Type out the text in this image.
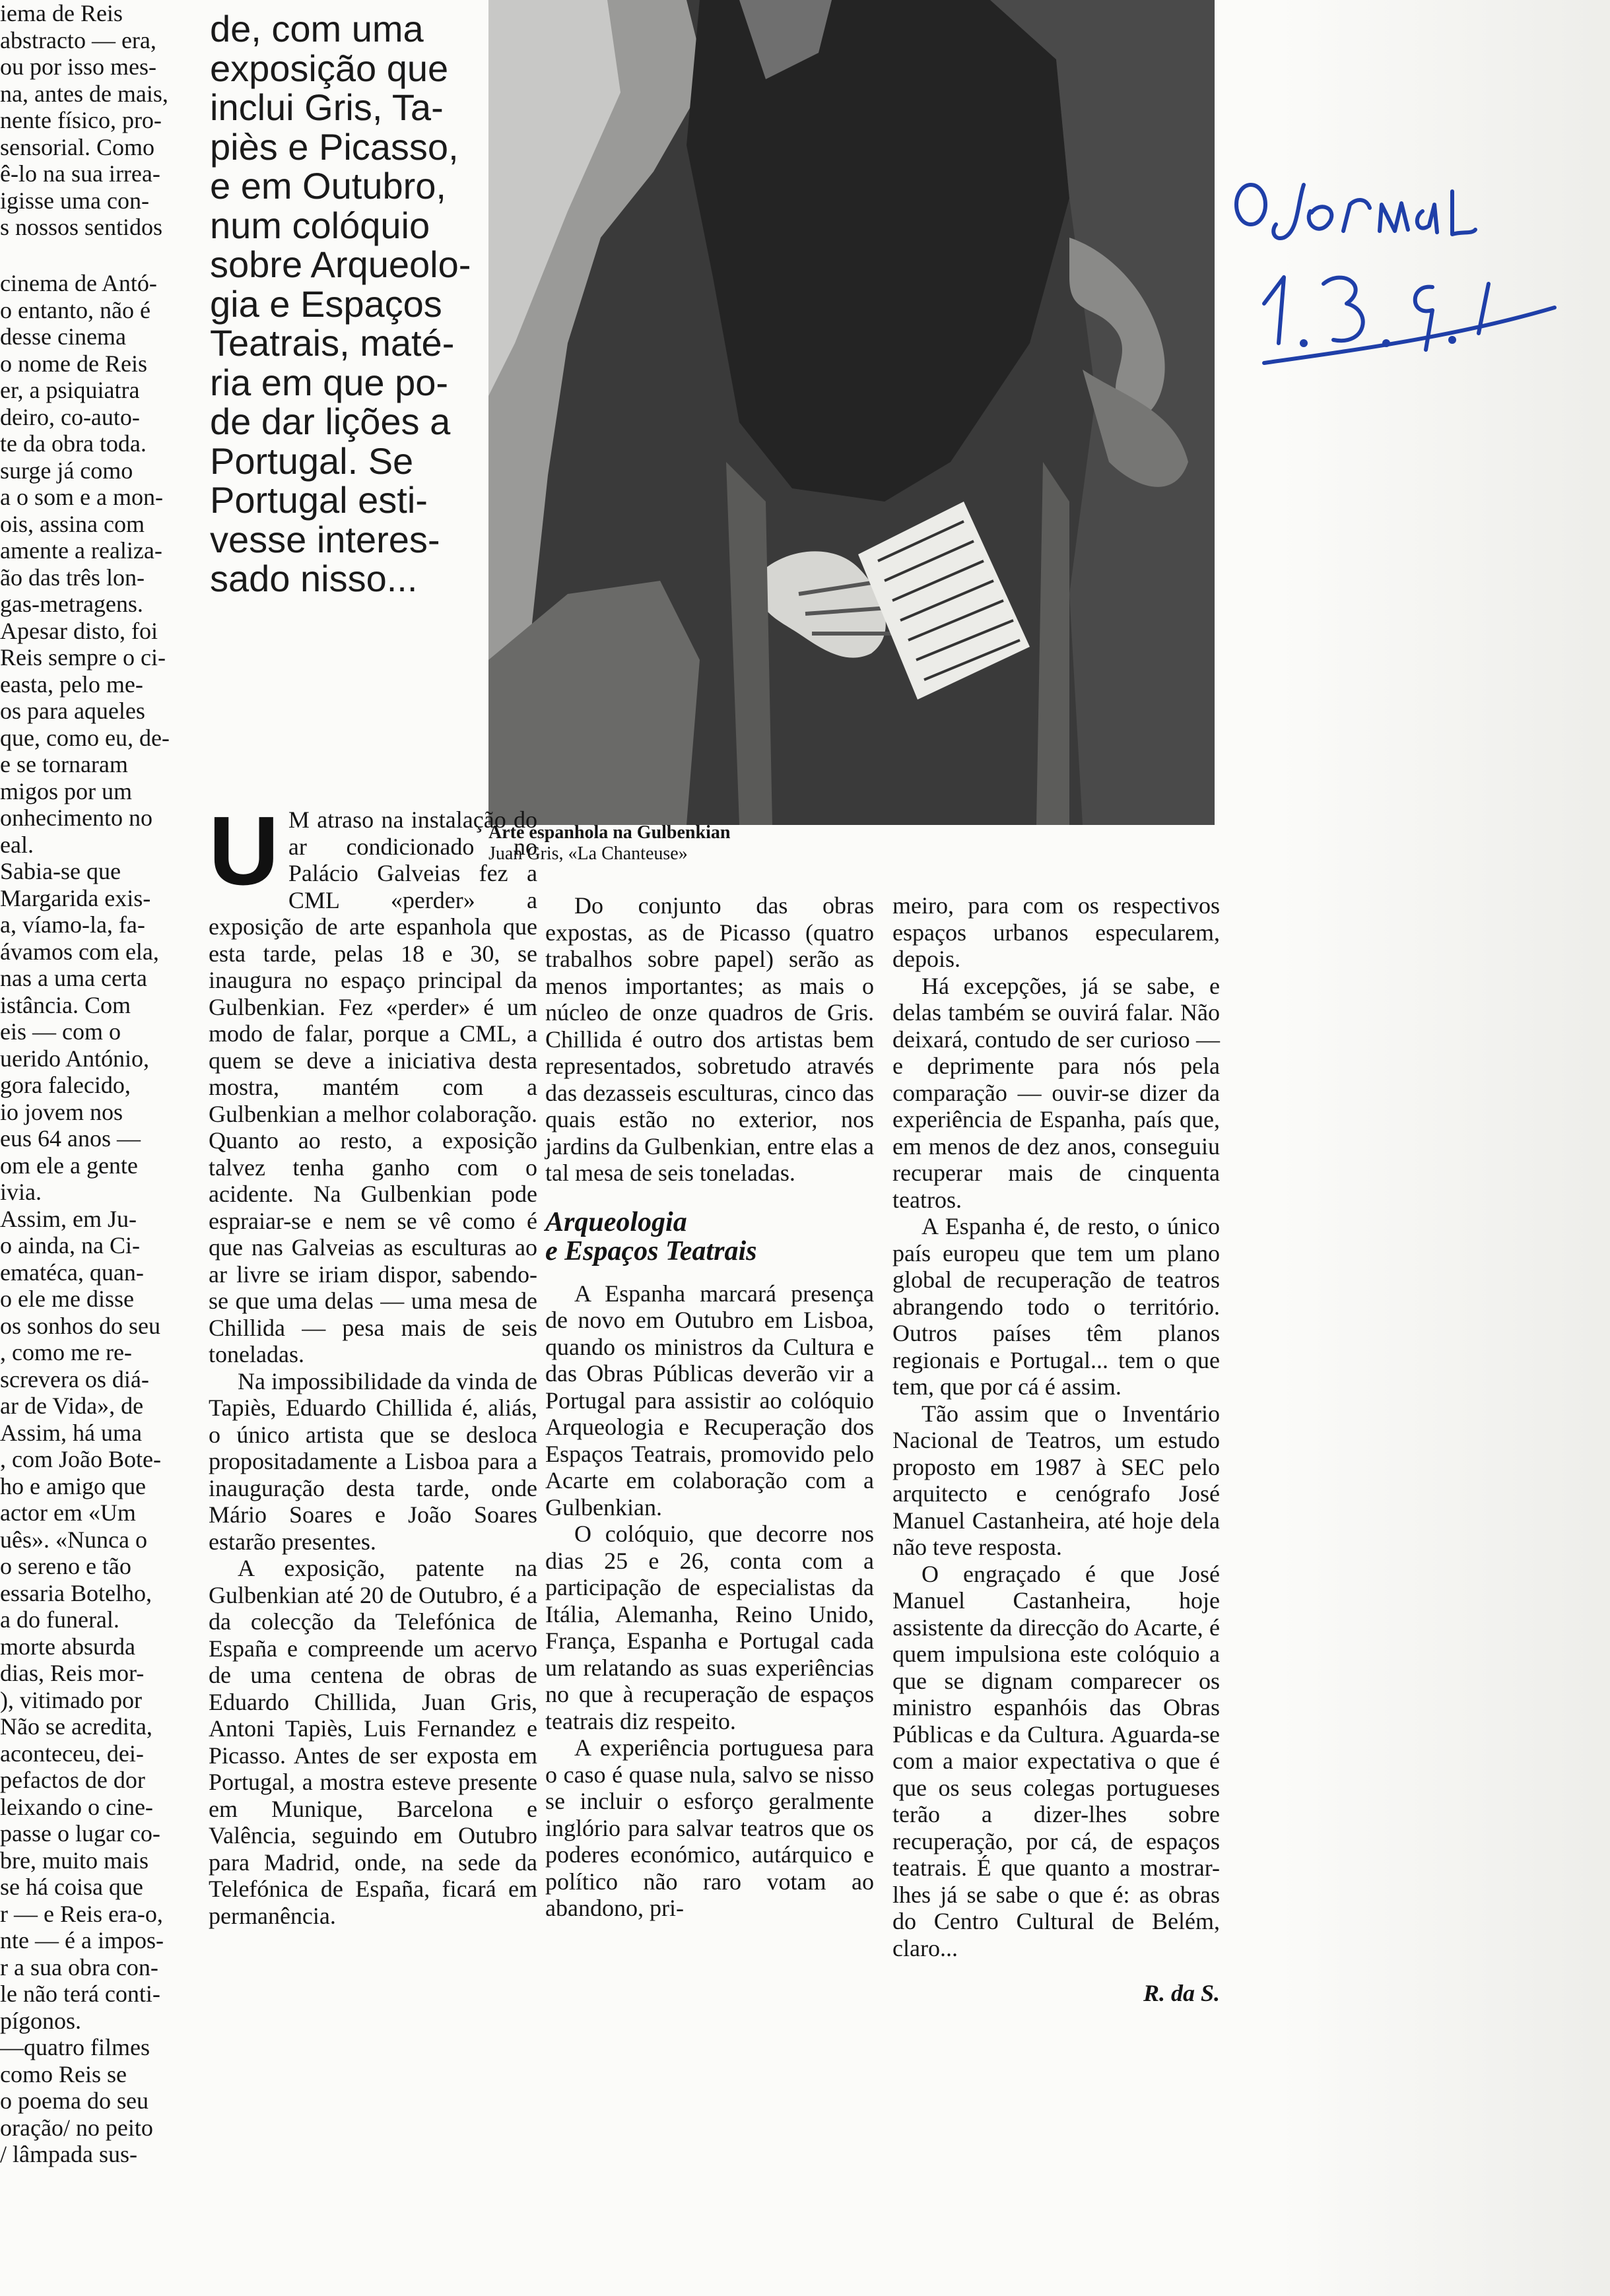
iema de Reis

abstracto — era,

ou por isso mes-

na, antes de mais,

nente físico, pro-

sensorial. Como

ê-lo na sua irrea-

igisse uma con-

s nossos sentidos

cinema de Antó-

o entanto, não é

desse cinema

o nome de Reis

er, a psiquiatra

deiro, co-auto-

te da obra toda.

surge já como

a o som e a mon-

ois, assina com

amente a realiza-

ão das três lon-

gas-metragens.

Apesar disto, foi

Reis sempre o ci-

easta, pelo me-

os para aqueles

que, como eu, de-

e se tornaram

migos por um

onhecimento no

eal.

Sabia-se que

Margarida exis-

a, víamo-la, fa-

ávamos com ela,

nas a uma certa

istância. Com

eis — com o

uerido António,

gora falecido,

io jovem nos

eus 64 anos —

om ele a gente

ivia.

Assim, em Ju-

o ainda, na Ci-

ematéca, quan-

o ele me disse

os sonhos do seu

, como me re-

screvera os diá-

ar de Vida», de

Assim, há uma

, com João Bote-

ho e amigo que

actor em «Um

uês». «Nunca o

o sereno e tão

essaria Botelho,

a do funeral.

morte absurda

dias, Reis mor-

), vitimado por

Não se acredita,

aconteceu, dei-

pefactos de dor

leixando o cine-

passe o lugar co-

bre, muito mais

se há coisa que

r — e Reis era-o,

nte — é a impos-

r a sua obra con-

le não terá conti-

pígonos.

—quatro filmes

como Reis se

o poema do seu

oração/ no peito

/ lâmpada sus-

de, com uma

exposição que

inclui Gris, Ta-

piès e Picasso,

e em Outubro,

num colóquio

sobre Arqueolo-

gia e Espaços

Teatrais, maté-

ria em que po-

de dar lições a

Portugal. Se

Portugal esti-

vesse interes-

sado nisso...

Arte espanhola na Gulbenkian
Juan Gris, «La Chanteuse»
U M atraso na instalação do ar condicionado no Palácio Galveias fez a CML «perder» a exposição de arte espanhola que esta tarde, pelas 18 e 30, se inaugura no espaço principal da Gulbenkian. Fez «perder» é um modo de falar, porque a CML, a quem se deve a iniciativa desta mostra, mantém com a Gulbenkian a melhor colaboração. Quanto ao resto, a exposição talvez tenha ganho com o acidente. Na Gulbenkian pode espraiar-se e nem se vê como é que nas Galveias as esculturas ao ar livre se iriam dispor, sabendo-se que uma delas — uma mesa de Chillida — pesa mais de seis toneladas.

Na impossibilidade da vinda de Tapiès, Eduardo Chillida é, aliás, o único artista que se desloca propositadamente a Lisboa para a inauguração desta tarde, onde Mário Soares e João Soares estarão presentes.

A exposição, patente na Gulbenkian até 20 de Outubro, é a da colecção da Telefónica de España e compreende um acervo de uma centena de obras de Eduardo Chillida, Juan Gris, Antoni Tapiès, Luis Fernandez e Picasso. Antes de ser exposta em Portugal, a mostra esteve presente em Munique, Barcelona e Valência, seguindo em Outubro para Madrid, onde, na sede da Telefónica de España, ficará em permanência.

Do conjunto das obras expostas, as de Picasso (quatro trabalhos sobre papel) serão as menos importantes; as mais o núcleo de onze quadros de Gris. Chillida é outro dos artistas bem representados, sobretudo através das dezasseis esculturas, cinco das quais estão no exterior, nos jardins da Gulbenkian, entre elas a tal mesa de seis toneladas.

Arqueologia
e Espaços Teatrais

A Espanha marcará presença de novo em Outubro em Lisboa, quando os ministros da Cultura e das Obras Públicas deverão vir a Portugal para assistir ao colóquio Arqueologia e Recuperação dos Espaços Teatrais, promovido pelo Acarte em colaboração com a Gulbenkian.

O colóquio, que decorre nos dias 25 e 26, conta com a participação de especialistas da Itália, Alemanha, Reino Unido, França, Espanha e Portugal cada um relatando as suas experiências no que à recuperação de espaços teatrais diz respeito.

A experiência portuguesa para o caso é quase nula, salvo se nisso se incluir o esforço geralmente inglório para salvar teatros que os poderes económico, autárquico e político não raro votam ao abandono, pri-

meiro, para com os respectivos espaços urbanos especularem, depois.

Há excepções, já se sabe, e delas também se ouvirá falar. Não deixará, contudo de ser curioso — e deprimente para nós pela comparação — ouvir-se dizer da experiência de Espanha, país que, em menos de dez anos, conseguiu recuperar mais de cinquenta teatros.

A Espanha é, de resto, o único país europeu que tem um plano global de recuperação de teatros abrangendo todo o território. Outros países têm planos regionais e Portugal... tem o que tem, que por cá é assim.

Tão assim que o Inventário Nacional de Teatros, um estudo proposto em 1987 à SEC pelo arquitecto e cenógrafo José Manuel Castanheira, até hoje dela não teve resposta.

O engraçado é que José Manuel Castanheira, hoje assistente da direcção do Acarte, é quem impulsiona este colóquio a que se dignam comparecer os ministro espanhóis das Obras Públicas e da Cultura. Aguarda-se com a maior expectativa o que é que os seus colegas portugueses terão a dizer-lhes sobre recuperação, por cá, de espaços teatrais. É que quanto a mostrar-lhes já se sabe o que é: as obras do Centro Cultural de Belém, claro...

R. da S.
